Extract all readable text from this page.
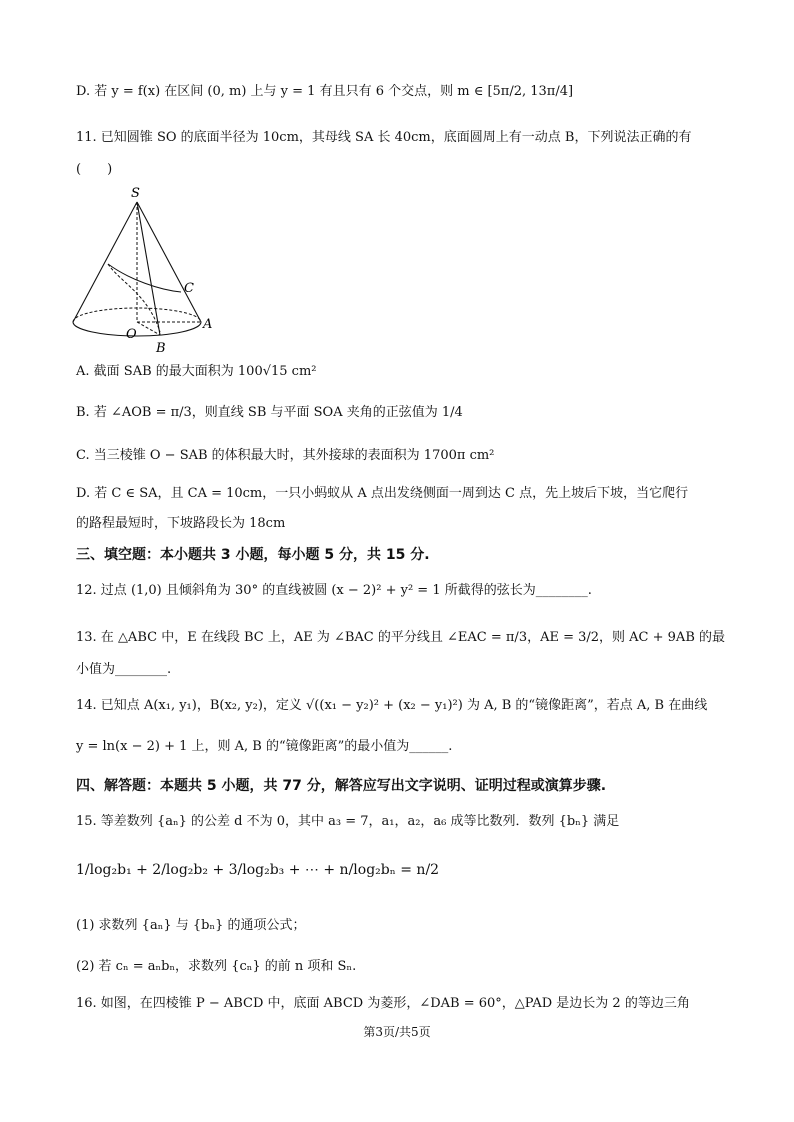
D. 若 y = f(x) 在区间 (0, m) 上与 y = 1 有且只有 6 个交点，则 m ∈ [5π/2, 13π/4]
11. 已知圆锥 SO 的底面半径为 10cm，其母线 SA 长 40cm，底面圆周上有一动点 B，下列说法正确的有
(　　)
S
C
A
O
B
A. 截面 SAB 的最大面积为 100√15 cm²
B. 若 ∠AOB = π/3，则直线 SB 与平面 SOA 夹角的正弦值为 1/4
C. 当三棱锥 O − SAB 的体积最大时，其外接球的表面积为 1700π cm²
D. 若 C ∈ SA，且 CA = 10cm，一只小蚂蚁从 A 点出发绕侧面一周到达 C 点，先上坡后下坡，当它爬行
的路程最短时，下坡路段长为 18cm
三、填空题：本小题共 3 小题，每小题 5 分，共 15 分.
12. 过点 (1,0) 且倾斜角为 30° 的直线被圆 (x − 2)² + y² = 1 所截得的弦长为________.
13. 在 △ABC 中，E 在线段 BC 上，AE 为 ∠BAC 的平分线且 ∠EAC = π/3，AE = 3/2，则 AC + 9AB 的最
小值为________.
14. 已知点 A(x₁, y₁)，B(x₂, y₂)，定义 √((x₁ − y₂)² + (x₂ − y₁)²) 为 A, B 的“镜像距离”，若点 A, B 在曲线
y = ln(x − 2) + 1 上，则 A, B 的“镜像距离”的最小值为______.
四、解答题：本题共 5 小题，共 77 分，解答应写出文字说明、证明过程或演算步骤.
15. 等差数列 {aₙ} 的公差 d 不为 0，其中 a₃ = 7，a₁，a₂，a₆ 成等比数列．数列 {bₙ} 满足
1/log₂b₁ + 2/log₂b₂ + 3/log₂b₃ + ⋯ + n/log₂bₙ = n/2
(1) 求数列 {aₙ} 与 {bₙ} 的通项公式；
(2) 若 cₙ = aₙbₙ，求数列 {cₙ} 的前 n 项和 Sₙ.
16. 如图，在四棱锥 P − ABCD 中，底面 ABCD 为菱形，∠DAB = 60°，△PAD 是边长为 2 的等边三角
第3页/共5页
